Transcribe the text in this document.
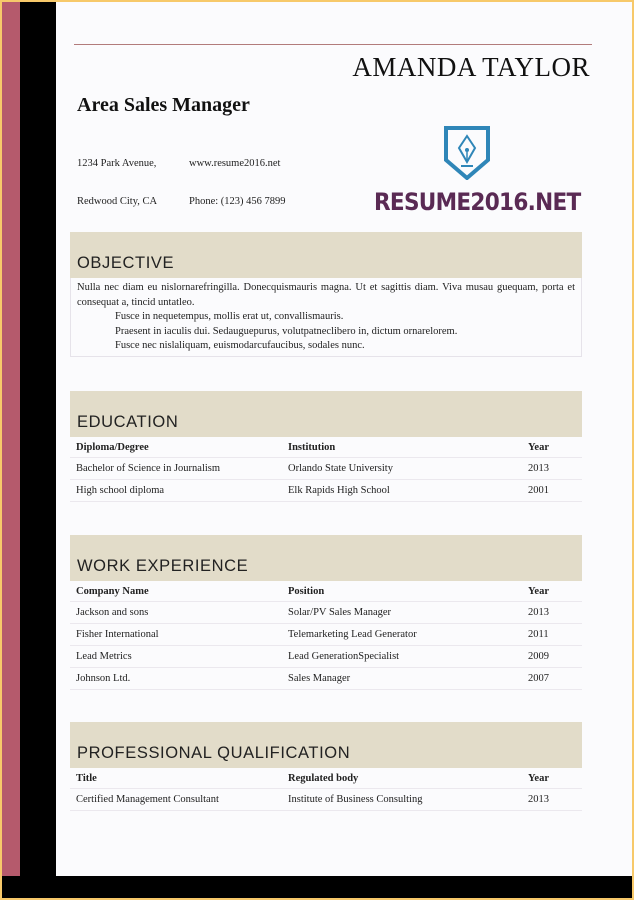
AMANDA TAYLOR
Area Sales Manager
1234 Park Avenue,	www.resume2016.net
Redwood City, CA	Phone: (123) 456 7899	RESUME2016.NET
OBJECTIVE
Nulla nec diam eu nislornarefringilla. Donecquismauris magna. Ut et sagittis diam. Viva musau guequam, porta et consequat a, tincid untatleo.
Fusce in nequetempus, mollis erat ut, convallismauris.
Praesent in iaculis dui. Sedauguepurus, volutpatneclibero in, dictum ornarelorem.
Fusce nec nislaliquam, euismodarcufaucibus, sodales nunc.
EDUCATION
Diploma/Degree	Institution	Year
Bachelor of Science in Journalism	Orlando State University	2013
High school diploma	Elk Rapids High School	2001
WORK EXPERIENCE
Company Name	Position	Year
Jackson and sons	Solar/PV Sales Manager	2013
Fisher International	Telemarketing Lead Generator	2011
Lead Metrics	Lead GenerationSpecialist	2009
Johnson Ltd.	Sales Manager	2007
PROFESSIONAL QUALIFICATION
Title	Regulated body	Year
Certified Management Consultant	Institute of Business Consulting	2013
